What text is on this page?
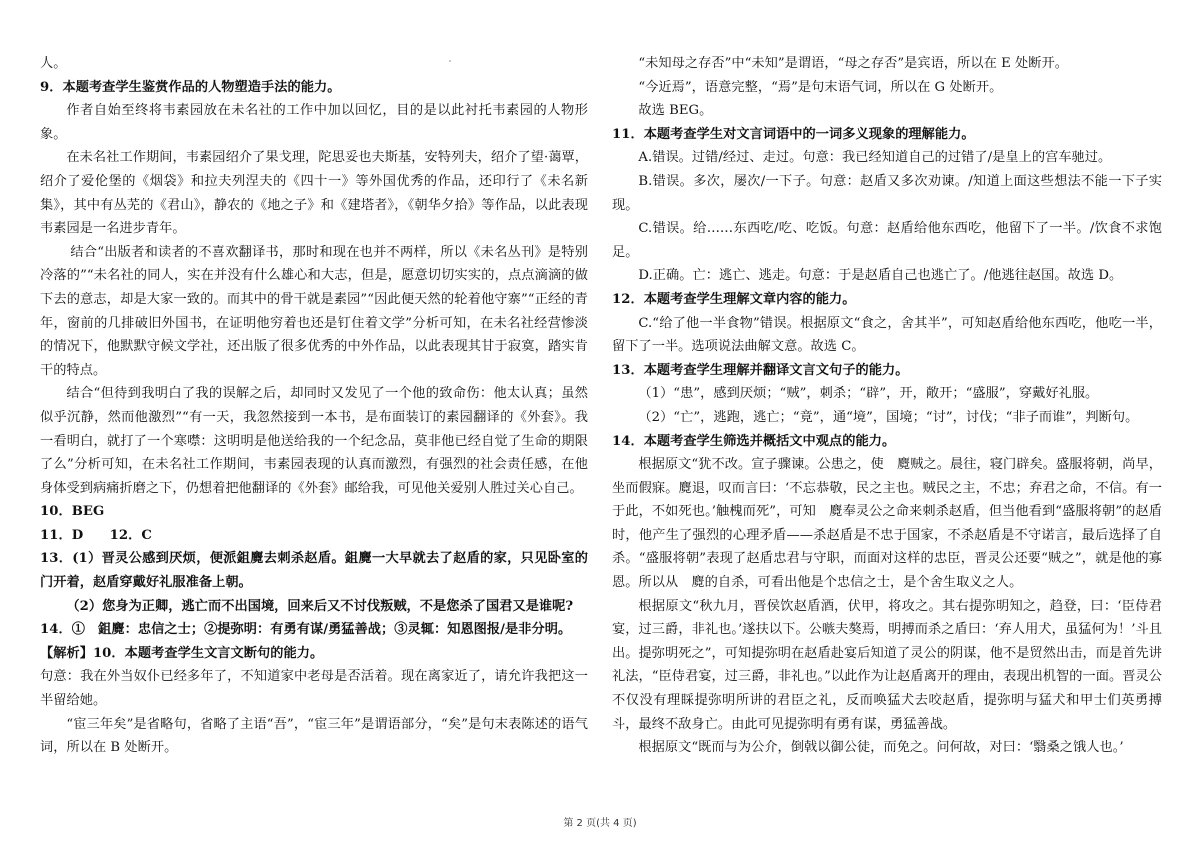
人。

9．本题考查学生鉴赏作品的人物塑造手法的能力。

作者自始至终将韦素园放在未名社的工作中加以回忆，目的是以此衬托韦素园的人物形象。

在未名社工作期间，韦素园绍介了果戈理，陀思妥也夫斯基，安特列夫，绍介了望·蔼覃，绍介了爱伦堡的《烟袋》和拉夫列涅夫的《四十一》等外国优秀的作品，还印行了《未名新集》，其中有丛芜的《君山》，静农的《地之子》和《建塔者》，《朝华夕拾》等作品，以此表现韦素园是一名进步青年。

结合“出版者和读者的不喜欢翻译书，那时和现在也并不两样，所以《未名丛刊》是特别冷落的”“未名社的同人，实在并没有什么雄心和大志，但是，愿意切切实实的，点点滴滴的做下去的意志，却是大家一致的。而其中的骨干就是素园”“因此便天然的轮着他守寨”“正经的青年，窗前的几排破旧外国书，在证明他穷着也还是钉住着文学”分析可知，在未名社经营惨淡的情况下，他默默守候文学社，还出版了很多优秀的中外作品，以此表现其甘于寂寞，踏实肯干的特点。

结合“但待到我明白了我的误解之后，却同时又发见了一个他的致命伤：他太认真；虽然似乎沉静，然而他激烈”“有一天，我忽然接到一本书，是布面装订的素园翻译的《外套》。我一看明白，就打了一个寒噤：这明明是他送给我的一个纪念品，莫非他已经自觉了生命的期限了么”分析可知，在未名社工作期间，韦素园表现的认真而激烈，有强烈的社会责任感，在他身体受到病痛折磨之下，仍想着把他翻译的《外套》邮给我，可见他关爱别人胜过关心自己。

10．BEG

11．D　　12．C

13．(1）晋灵公感到厌烦，便派鉏麑去刺杀赵盾。鉏麑一大早就去了赵盾的家，只见卧室的门开着，赵盾穿戴好礼服准备上朝。

（2）您身为正卿，逃亡而不出国境，回来后又不讨伐叛贼，不是您杀了国君又是谁呢?

14．①　鉏麑：忠信之士；②提弥明：有勇有谋/勇猛善战；③灵辄：知恩图报/是非分明。

【解析】10．本题考查学生文言文断句的能力。

句意：我在外当奴仆已经多年了，不知道家中老母是否活着。现在离家近了，请允许我把这一半留给她。

“宦三年矣”是省略句，省略了主语“吾”，“宦三年”是谓语部分，“矣”是句末表陈述的语气词，所以在 B 处断开。

“未知母之存否”中“未知”是谓语，“母之存否”是宾语，所以在 E 处断开。

“今近焉”，语意完整，“焉”是句末语气词，所以在 G 处断开。

故选 BEG。

11．本题考查学生对文言词语中的一词多义现象的理解能力。

A.错误。过错/经过、走过。句意：我已经知道自己的过错了/是皇上的宫车驰过。

B.错误。多次，屡次/一下子。句意：赵盾又多次劝谏。/知道上面这些想法不能一下子实现。

C.错误。给……东西吃/吃、吃饭。句意：赵盾给他东西吃，他留下了一半。/饮食不求饱足。

D.正确。亡：逃亡、逃走。句意：于是赵盾自己也逃亡了。/他逃往赵国。故选 D。

12．本题考查学生理解文章内容的能力。

C.“给了他一半食物”错误。根据原文“食之，舍其半”，可知赵盾给他东西吃，他吃一半，留下了一半。选项说法曲解文意。故选 C。

13．本题考查学生理解并翻译文言文句子的能力。

（1）“患”，感到厌烦；“贼”，刺杀；“辟”，开，敞开；“盛服”，穿戴好礼服。

（2）“亡”，逃跑，逃亡；“竟”，通“境”，国境；“讨”，讨伐；“非子而谁”，判断句。

14．本题考查学生筛选并概括文中观点的能力。

根据原文“犹不改。宣子骤谏。公患之，使　麑贼之。晨往，寝门辟矣。盛服将朝，尚早，坐而假寐。麑退，叹而言曰：‘不忘恭敬，民之主也。贼民之主，不忠；弃君之命，不信。有一于此，不如死也。’触槐而死”，可知　麑奉灵公之命来刺杀赵盾，但当他看到“盛服将朝”的赵盾时，他产生了强烈的心理矛盾——杀赵盾是不忠于国家，不杀赵盾是不守诺言，最后选择了自杀。“盛服将朝”表现了赵盾忠君与守职，而面对这样的忠臣，晋灵公还要“贼之”，就是他的寡恩。所以从　麑的自杀，可看出他是个忠信之士，是个舍生取义之人。

根据原文“秋九月，晋侯饮赵盾酒，伏甲，将攻之。其右提弥明知之，趋登，曰：‘臣侍君宴，过三爵，非礼也。’遂扶以下。公嗾夫獒焉，明搏而杀之盾曰：‘弃人用犬，虽猛何为！’斗且出。提弥明死之”，可知提弥明在赵盾赴宴后知道了灵公的阴谋，他不是贸然出击，而是首先讲礼法，“臣侍君宴，过三爵，非礼也。”以此作为让赵盾离开的理由，表现出机智的一面。晋灵公不仅没有理睬提弥明所讲的君臣之礼，反而唤猛犬去咬赵盾，提弥明与猛犬和甲士们英勇搏斗，最终不敌身亡。由此可见提弥明有勇有谋，勇猛善战。

根据原文“既而与为公介，倒戟以御公徒，而免之。问何故，对曰：‘翳桑之饿人也。’

第 2 页(共 4 页)
